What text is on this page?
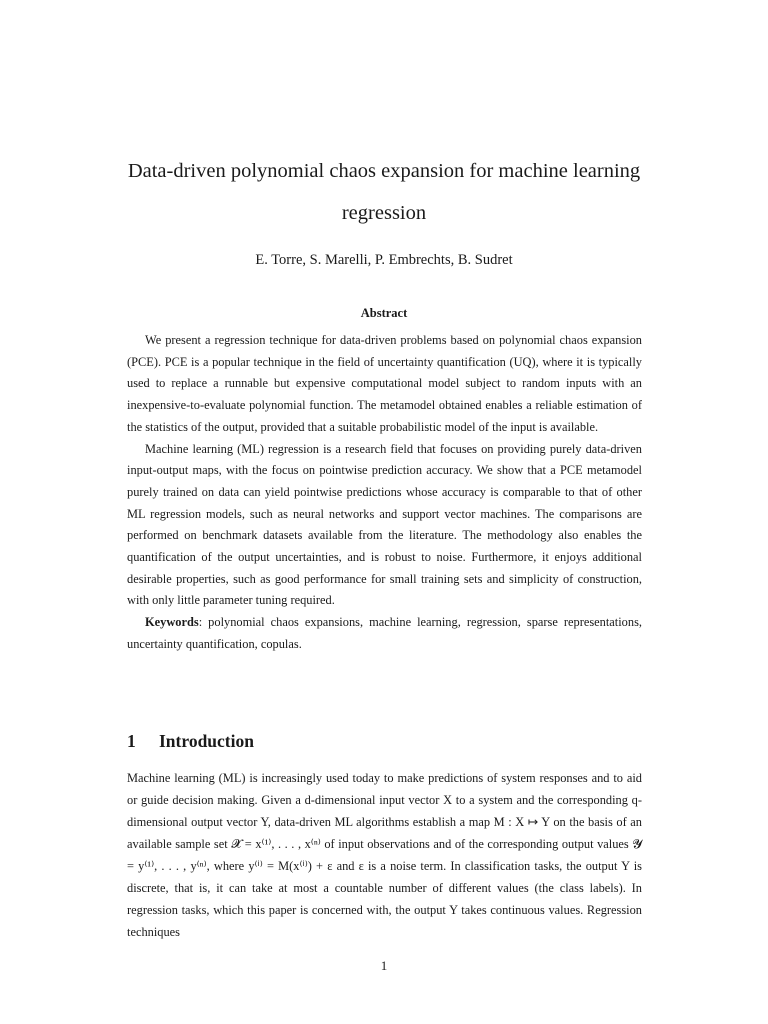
Data-driven polynomial chaos expansion for machine learning regression
E. Torre, S. Marelli, P. Embrechts, B. Sudret
Abstract

We present a regression technique for data-driven problems based on polynomial chaos expansion (PCE). PCE is a popular technique in the field of uncertainty quantification (UQ), where it is typically used to replace a runnable but expensive computational model subject to random inputs with an inexpensive-to-evaluate polynomial function. The metamodel obtained enables a reliable estimation of the statistics of the output, provided that a suitable probabilistic model of the input is available.

Machine learning (ML) regression is a research field that focuses on providing purely data-driven input-output maps, with the focus on pointwise prediction accuracy. We show that a PCE metamodel purely trained on data can yield pointwise predictions whose accuracy is comparable to that of other ML regression models, such as neural networks and support vector machines. The comparisons are performed on benchmark datasets available from the literature. The methodology also enables the quantification of the output uncertainties, and is robust to noise. Furthermore, it enjoys additional desirable properties, such as good performance for small training sets and simplicity of construction, with only little parameter tuning required.

Keywords: polynomial chaos expansions, machine learning, regression, sparse representations, uncertainty quantification, copulas.

1 Introduction

Machine learning (ML) is increasingly used today to make predictions of system responses and to aid or guide decision making. Given a d-dimensional input vector X to a system and the corresponding q-dimensional output vector Y, data-driven ML algorithms establish a map M : X ↦ Y on the basis of an available sample set 𝓧 = x⁽¹⁾, . . . , x⁽ⁿ⁾ of input observations and of the corresponding output values 𝓨 = y⁽¹⁾, . . . , y⁽ⁿ⁾, where y⁽ⁱ⁾ = M(x⁽ⁱ⁾) + ε and ε is a noise term. In classification tasks, the output Y is discrete, that is, it can take at most a countable number of different values (the class labels). In regression tasks, which this paper is concerned with, the output Y takes continuous values. Regression techniques

1
